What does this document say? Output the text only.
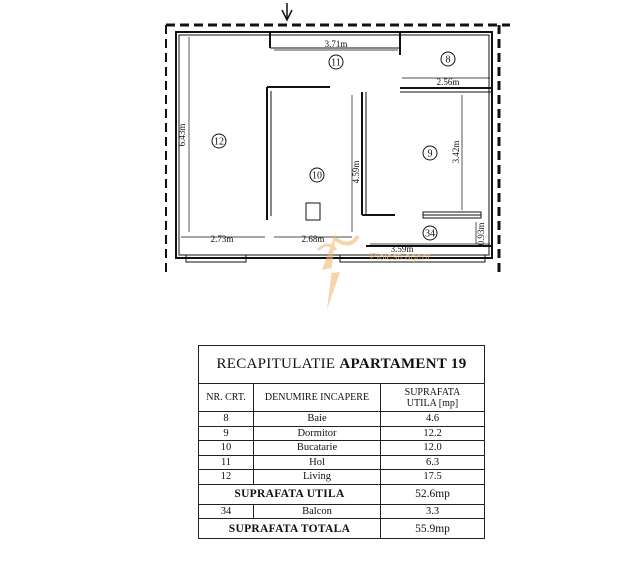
11	8
12
10
9
34
3.71m
2.56m
6.43m
4.59m
3.42m
2.73m	2.68m
3.59m
0.93m
Ploiesti agent
RECAPITULATIE APARTAMENT 19		
NR. CRT.	DENUMIRE INCAPERE	SUPRAFATA
UTILA [mp]
8	Baie	4.6
9	Dormitor	12.2
10	Bucatarie	12.0
11	Hol	6.3
12	Living	17.5
SUPRAFATA UTILA		52.6mp
34	Balcon	3.3
SUPRAFATA TOTALA		55.9mp
